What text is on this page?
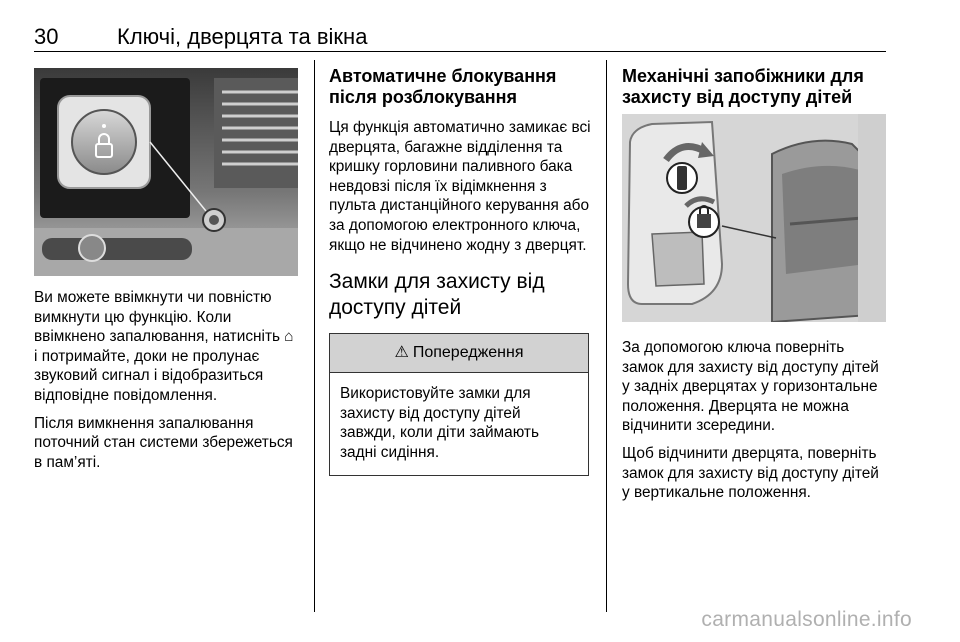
30	Ключі, дверцята та вікна

Ви можете ввімкнути чи повністю вимкнути цю функцію. Коли ввімкнено запалювання, натисніть ⌂ і потримайте, доки не пролунає звуковий сигнал і відобразиться відповідне повідомлення.

Після вимкнення запалювання поточний стан системи збережеться в пам’яті.

Автоматичне блокування після розблокування

Ця функція автоматично замикає всі дверцята, багажне відділення та кришку горловини паливного бака невдовзі після їх відімкнення з пульта дистанційного керування або за допомогою електронного ключа, якщо не відчинено жодну з дверцят.

Замки для захисту від доступу дітей
⚠ Попередження
Використовуйте замки для захисту від доступу дітей завжди, коли діти займають задні сидіння.
Механічні запобіжники для захисту від доступу дітей

За допомогою ключа поверніть замок для захисту від доступу дітей у задніх дверцятах у горизонтальне положення. Дверцята не можна відчинити зсередини.

Щоб відчинити дверцята, поверніть замок для захисту від доступу дітей у вертикальне положення.

carmanualsonline.info
